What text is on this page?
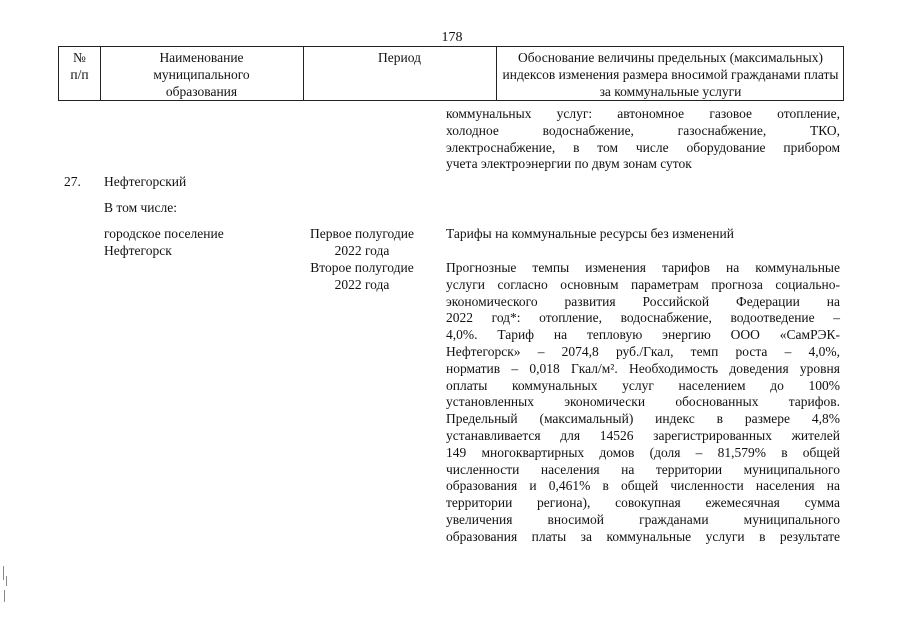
178
№
п/п
Наименование
муниципального
образования
Период	Обоснование величины предельных (максимальных)
индексов изменения размера вносимой гражданами платы
за коммунальные услуги
коммунальных услуг: автономное газовое отопление,
холодное водоснабжение, газоснабжение, ТКО,
электроснабжение, в том числе оборудование прибором
учета электроэнергии по двум зонам суток
27. Нефтегорский
В том числе:
городское поселение
Нефтегорск
Первое полугодие
2022 года
Второе полугодие
2022 года
Тарифы на коммунальные ресурсы без изменений
Прогнозные темпы изменения тарифов на коммунальные
услуги согласно основным параметрам прогноза социально-
экономического развития Российской Федерации на
2022 год*: отопление, водоснабжение, водоотведение –
4,0%. Тариф на тепловую энергию ООО «СамРЭК-
Нефтегорск» – 2074,8 руб./Гкал, темп роста – 4,0%,
норматив – 0,018 Гкал/м². Необходимость доведения уровня
оплаты коммунальных услуг населением до 100%
установленных экономически обоснованных тарифов.
Предельный (максимальный) индекс в размере 4,8%
устанавливается для 14526 зарегистрированных жителей
149 многоквартирных домов (доля – 81,579% в общей
численности населения на территории муниципального
образования и 0,461% в общей численности населения на
территории региона), совокупная ежемесячная сумма
увеличения вносимой гражданами муниципального
образования платы за коммунальные услуги в результате
